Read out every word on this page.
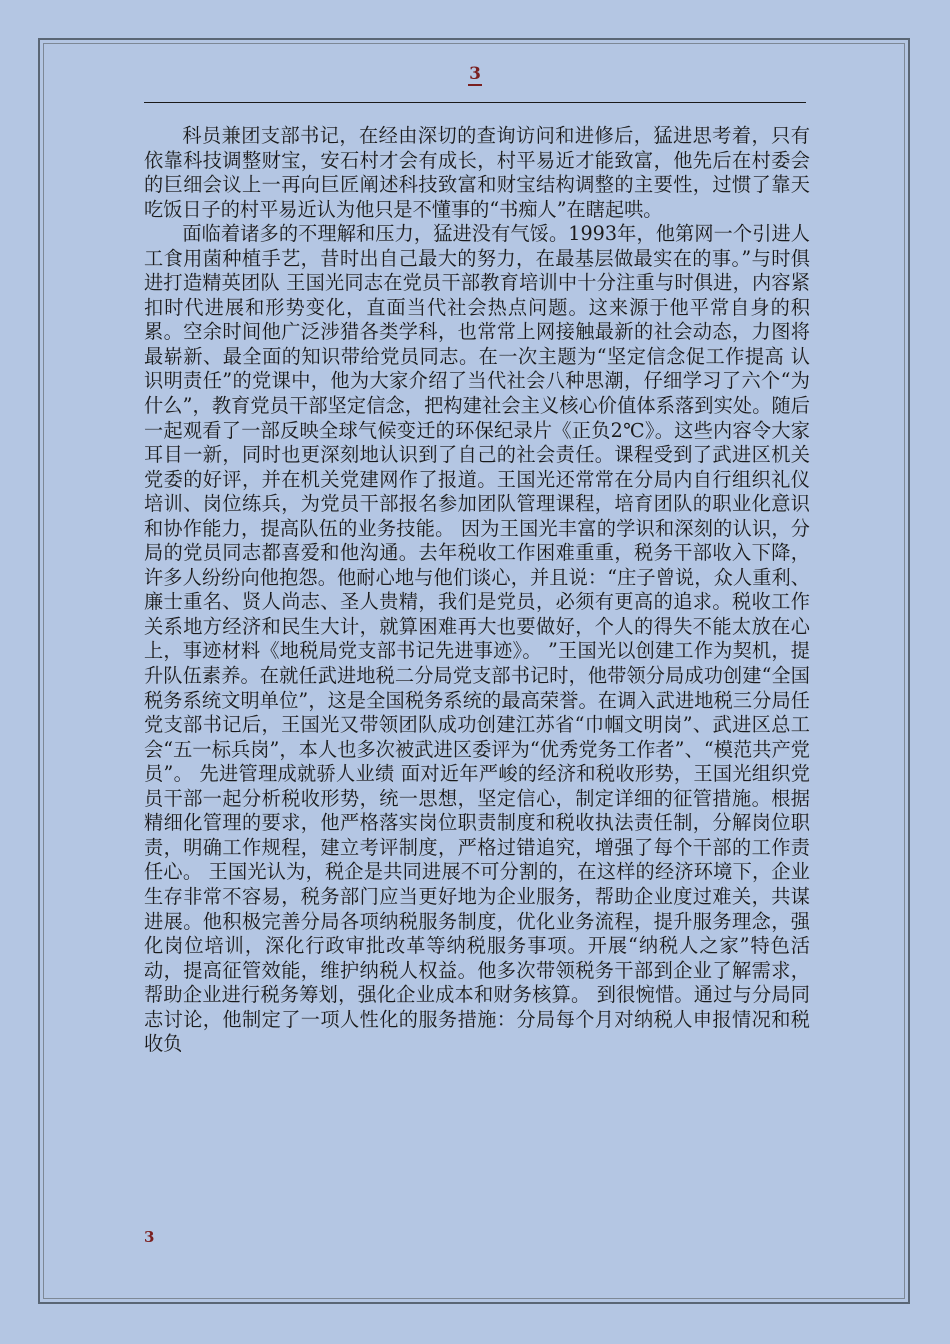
3

科员兼团支部书记，在经由深切的查询访问和进修后，猛进思考着，只有依靠科技调整财宝，安石村才会有成长，村平易近才能致富，他先后在村委会的巨细会议上一再向巨匠阐述科技致富和财宝结构调整的主要性，过惯了靠天吃饭日子的村平易近认为他只是不懂事的“书痴人”在瞎起哄。

面临着诸多的不理解和压力，猛进没有气馁。1993年，他第网一个引进人工食用菌种植手艺，昔时出自己最大的努力，在最基层做最实在的事。”与时俱进打造精英团队 王国光同志在党员干部教育培训中十分注重与时俱进，内容紧扣时代进展和形势变化，直面当代社会热点问题。这来源于他平常自身的积累。空余时间他广泛涉猎各类学科，也常常上网接触最新的社会动态，力图将最崭新、最全面的知识带给党员同志。在一次主题为“坚定信念促工作提高 认识明责任”的党课中，他为大家介绍了当代社会八种思潮，仔细学习了六个“为什么”，教育党员干部坚定信念，把构建社会主义核心价值体系落到实处。随后一起观看了一部反映全球气候变迁的环保纪录片《正负2℃》。这些内容令大家耳目一新，同时也更深刻地认识到了自己的社会责任。课程受到了武进区机关党委的好评，并在机关党建网作了报道。王国光还常常在分局内自行组织礼仪培训、岗位练兵，为党员干部报名参加团队管理课程，培育团队的职业化意识和协作能力，提高队伍的业务技能。 因为王国光丰富的学识和深刻的认识，分局的党员同志都喜爱和他沟通。去年税收工作困难重重，税务干部收入下降，许多人纷纷向他抱怨。他耐心地与他们谈心，并且说：“庄子曾说，众人重利、廉士重名、贤人尚志、圣人贵精，我们是党员，必须有更高的追求。税收工作关系地方经济和民生大计，就算困难再大也要做好，个人的得失不能太放在心上，事迹材料《地税局党支部书记先进事迹》。 ”王国光以创建工作为契机，提升队伍素养。在就任武进地税二分局党支部书记时，他带领分局成功创建“全国税务系统文明单位”，这是全国税务系统的最高荣誉。在调入武进地税三分局任党支部书记后，王国光又带领团队成功创建江苏省“巾帼文明岗”、武进区总工会“五一标兵岗”，本人也多次被武进区委评为“优秀党务工作者”、“模范共产党员”。 先进管理成就骄人业绩 面对近年严峻的经济和税收形势，王国光组织党员干部一起分析税收形势，统一思想，坚定信心，制定详细的征管措施。根据精细化管理的要求，他严格落实岗位职责制度和税收执法责任制，分解岗位职责，明确工作规程，建立考评制度，严格过错追究，增强了每个干部的工作责任心。 王国光认为，税企是共同进展不可分割的，在这样的经济环境下，企业生存非常不容易，税务部门应当更好地为企业服务，帮助企业度过难关，共谋进展。他积极完善分局各项纳税服务制度，优化业务流程，提升服务理念，强化岗位培训，深化行政审批改革等纳税服务事项。开展“纳税人之家”特色活动，提高征管效能，维护纳税人权益。他多次带领税务干部到企业了解需求，帮助企业进行税务筹划，强化企业成本和财务核算。 到很惋惜。通过与分局同志讨论，他制定了一项人性化的服务措施：分局每个月对纳税人申报情况和税收负

3
